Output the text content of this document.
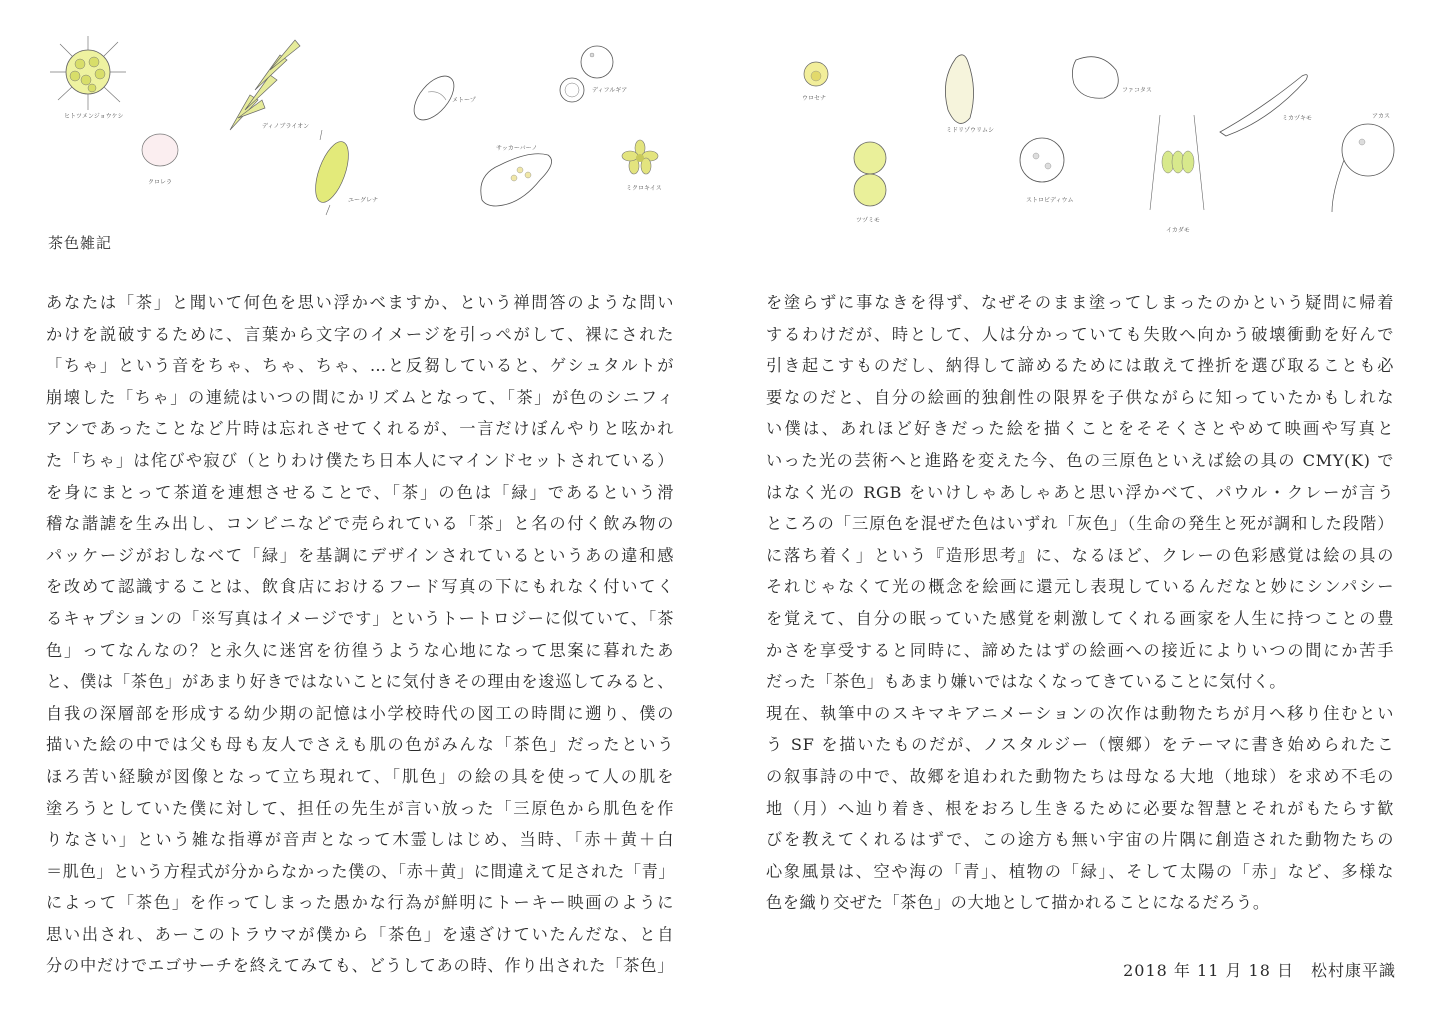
ヒトツメンジョウケシ
ディノブライオン
クロレラ
ユーグレナ
メトープ
ディフルギア
サッカーバーノ
ミクロキイス
ウロセナ
ミドリゾウリムシ
ファコタス
ツヅミモ
ストロビディウム
イカダモ
ミカヅキモ	アカス
茶色雑記
あなたは「茶」と聞いて何色を思い浮かべますか、という禅問答のような問い
かけを説破するために、言葉から文字のイメージを引っぺがして、裸にされた
「ちゃ」という音をちゃ、ちゃ、ちゃ、…と反芻していると、ゲシュタルトが
崩壊した「ちゃ」の連続はいつの間にかリズムとなって、「茶」が色のシニフィ
アンであったことなど片時は忘れさせてくれるが、一言だけぼんやりと呟かれ
た「ちゃ」は侘びや寂び（とりわけ僕たち日本人にマインドセットされている）
を身にまとって茶道を連想させることで、「茶」の色は「緑」であるという滑
稽な諧謔を生み出し、コンビニなどで売られている「茶」と名の付く飲み物の
パッケージがおしなべて「緑」を基調にデザインされているというあの違和感
を改めて認識することは、飲食店におけるフード写真の下にもれなく付いてく
るキャプションの「※写真はイメージです」というトートロジーに似ていて、「茶
色」ってなんなの？と永久に迷宮を彷徨うような心地になって思案に暮れたあ
と、僕は「茶色」があまり好きではないことに気付きその理由を逡巡してみると、
自我の深層部を形成する幼少期の記憶は小学校時代の図工の時間に遡り、僕の
描いた絵の中では父も母も友人でさえも肌の色がみんな「茶色」だったという
ほろ苦い経験が図像となって立ち現れて、「肌色」の絵の具を使って人の肌を
塗ろうとしていた僕に対して、担任の先生が言い放った「三原色から肌色を作
りなさい」という雑な指導が音声となって木霊しはじめ、当時、「赤＋黄＋白
＝肌色」という方程式が分からなかった僕の、「赤＋黄」に間違えて足された「青」
によって「茶色」を作ってしまった愚かな行為が鮮明にトーキー映画のように
思い出され、あーこのトラウマが僕から「茶色」を遠ざけていたんだな、と自
分の中だけでエゴサーチを終えてみても、どうしてあの時、作り出された「茶色」
を塗らずに事なきを得ず、なぜそのまま塗ってしまったのかという疑問に帰着
するわけだが、時として、人は分かっていても失敗へ向かう破壊衝動を好んで
引き起こすものだし、納得して諦めるためには敢えて挫折を選び取ることも必
要なのだと、自分の絵画的独創性の限界を子供ながらに知っていたかもしれな
い僕は、あれほど好きだった絵を描くことをそそくさとやめて映画や写真と
いった光の芸術へと進路を変えた今、色の三原色といえば絵の具の CMY(K) で
はなく光の RGB をいけしゃあしゃあと思い浮かべて、パウル・クレーが言う
ところの「三原色を混ぜた色はいずれ「灰色」（生命の発生と死が調和した段階）
に落ち着く」という『造形思考』に、なるほど、クレーの色彩感覚は絵の具の
それじゃなくて光の概念を絵画に還元し表現しているんだなと妙にシンパシー
を覚えて、自分の眠っていた感覚を刺激してくれる画家を人生に持つことの豊
かさを享受すると同時に、諦めたはずの絵画への接近によりいつの間にか苦手
だった「茶色」もあまり嫌いではなくなってきていることに気付く。
現在、執筆中のスキマキアニメーションの次作は動物たちが月へ移り住むとい
う SF を描いたものだが、ノスタルジー（懐郷）をテーマに書き始められたこ
の叙事詩の中で、故郷を追われた動物たちは母なる大地（地球）を求め不毛の
地（月）へ辿り着き、根をおろし生きるために必要な智慧とそれがもたらす歓
びを教えてくれるはずで、この途方も無い宇宙の片隅に創造された動物たちの
心象風景は、空や海の「青」、植物の「緑」、そして太陽の「赤」など、多様な
色を織り交ぜた「茶色」の大地として描かれることになるだろう。
2018 年 11 月 18 日　松村康平識
